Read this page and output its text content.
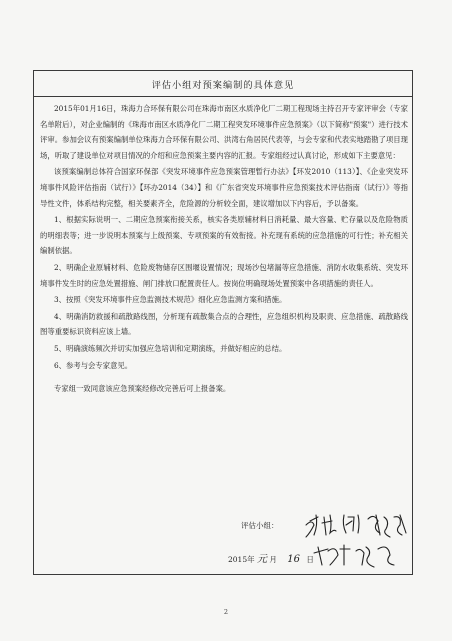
评估小组对预案编制的具体意见

2015年01月16日，珠海力合环保有限公司在珠海市南区水质净化厂二期工程现场主持召开专家评审会（专家名单附后），对企业编制的《珠海市南区水质净化厂二期工程突发环境事件应急预案》（以下简称"预案"）进行技术评审。参加会议有预案编制单位珠海力合环保有限公司、洪湾右角居民代表等，与会专家和代表实地踏勘了项目现场，听取了建设单位对项目情况的介绍和应急预案主要内容的汇报。专家组经过认真讨论，形成如下主要意见：

该预案编制总体符合国家环保部《突发环境事件应急预案管理暂行办法》【环发2010（113）】、《企业突发环境事件风险评估指南（试行）》【环办2014（34）】和《广东省突发环境事件应急预案技术评估指南（试行）》等指导性文件，体系结构完整，相关要素齐全，危险源的分析较全面，建议增加以下内容后，予以备案。

1、根据实际说明一、二期应急预案衔接关系，核实各类原辅材料日消耗量、最大容量、贮存量以及危险物质的明细表等；进一步说明本预案与上级预案、专项预案的有效衔接。补充现有系统的应急措施的可行性；补充相关编制依据。

2、明确企业原辅材料、危险废物储存区围堰设置情况；现场沙包堵漏等应急措施、消防水收集系统、突发环境事件发生时的应急处置措施、闸门排放口配置责任人。按岗位明确现场处置预案中各项措施的责任人。

3、按照《突发环境事件应急监测技术规范》细化应急监测方案和措施。

4、明确消防救援和疏散路线图，分析现有疏散集合点的合理性，应急组织机构及职责、应急措施、疏散路线图等重要标识资料应该上墙。

5、明确演练频次并切实加强应急培训和定期演练，并做好相应的总结。

6、参考与会专家意见。

专家组一致同意该应急预案经修改完善后可上报备案。

评估小组：
2015年 元 月 16 日
2
